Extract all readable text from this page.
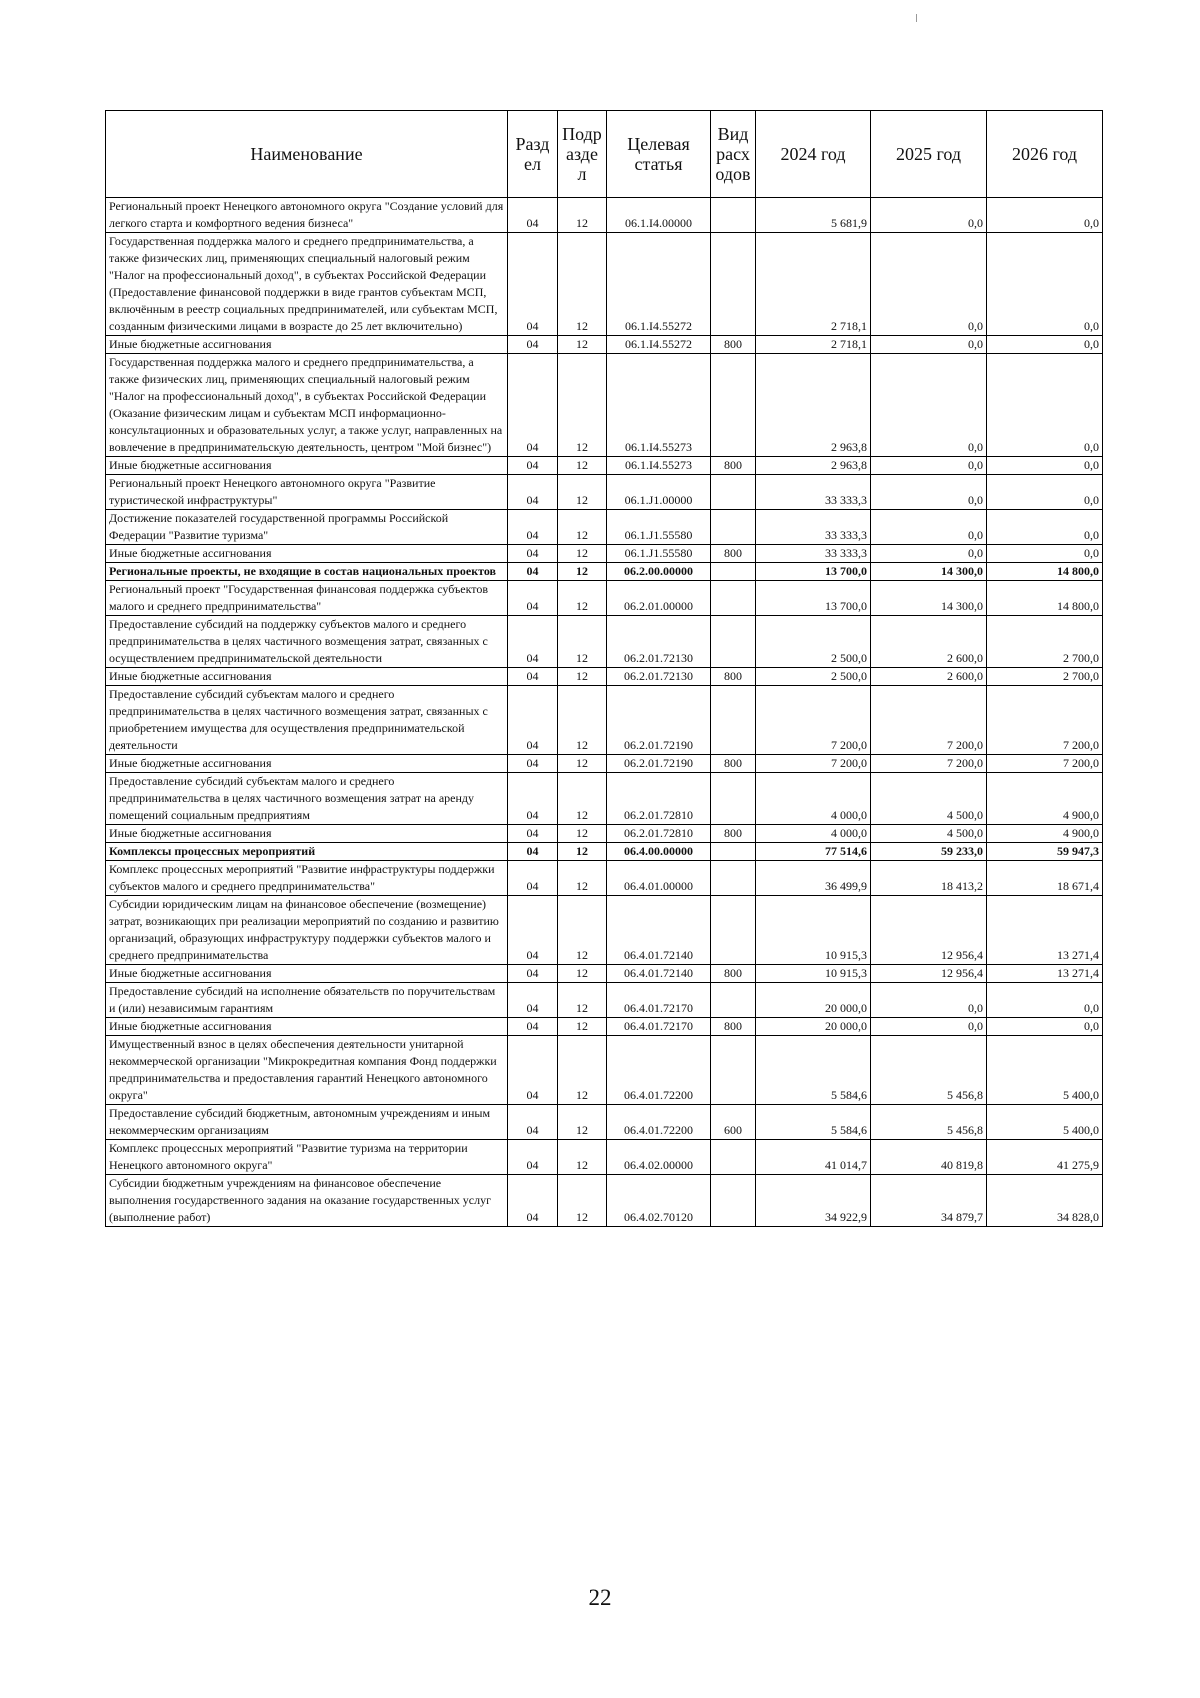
Наименование	Разд ел	Подр азде л	Целевая статья	Вид расх одов	2024 год	2025 год	2026 год
Региональный проект Ненецкого автономного округа "Создание условий для легкого старта и комфортного ведения бизнеса"	04	12	06.1.I4.00000		5 681,9	0,0	0,0
Государственная поддержка малого и среднего предпринимательства, а также физических лиц, применяющих специальный налоговый режим "Налог на профессиональный доход", в субъектах Российской Федерации (Предоставление финансовой поддержки в виде грантов субъектам МСП, включённым в реестр социальных предпринимателей, или субъектам МСП, созданным физическими лицами в возрасте до 25 лет включительно)	04	12	06.1.I4.55272		2 718,1	0,0	0,0
Иные бюджетные ассигнования	04	12	06.1.I4.55272	800	2 718,1	0,0	0,0
Государственная поддержка малого и среднего предпринимательства, а также физических лиц, применяющих специальный налоговый режим "Налог на профессиональный доход", в субъектах Российской Федерации (Оказание физическим лицам и субъектам МСП информационно-консультационных и образовательных услуг, а также услуг, направленных на вовлечение в предпринимательскую деятельность, центром "Мой бизнес")	04	12	06.1.I4.55273		2 963,8	0,0	0,0
Иные бюджетные ассигнования	04	12	06.1.I4.55273	800	2 963,8	0,0	0,0
Региональный проект Ненецкого автономного округа "Развитие туристической инфраструктуры"	04	12	06.1.J1.00000		33 333,3	0,0	0,0
Достижение показателей государственной программы Российской Федерации "Развитие туризма"	04	12	06.1.J1.55580		33 333,3	0,0	0,0
Иные бюджетные ассигнования	04	12	06.1.J1.55580	800	33 333,3	0,0	0,0
Региональные проекты, не входящие в состав национальных проектов	04	12	06.2.00.00000		13 700,0	14 300,0	14 800,0
Региональный проект "Государственная финансовая поддержка субъектов малого и среднего предпринимательства"	04	12	06.2.01.00000		13 700,0	14 300,0	14 800,0
Предоставление субсидий на поддержку субъектов малого и среднего предпринимательства в целях частичного возмещения затрат, связанных с осуществлением предпринимательской деятельности	04	12	06.2.01.72130		2 500,0	2 600,0	2 700,0
Иные бюджетные ассигнования	04	12	06.2.01.72130	800	2 500,0	2 600,0	2 700,0
Предоставление субсидий субъектам малого и среднего предпринимательства в целях частичного возмещения затрат, связанных с приобретением имущества для осуществления предпринимательской деятельности	04	12	06.2.01.72190		7 200,0	7 200,0	7 200,0
Иные бюджетные ассигнования	04	12	06.2.01.72190	800	7 200,0	7 200,0	7 200,0
Предоставление субсидий субъектам малого и среднего предпринимательства в целях частичного возмещения затрат на аренду помещений социальным предприятиям	04	12	06.2.01.72810		4 000,0	4 500,0	4 900,0
Иные бюджетные ассигнования	04	12	06.2.01.72810	800	4 000,0	4 500,0	4 900,0
Комплексы процессных мероприятий	04	12	06.4.00.00000		77 514,6	59 233,0	59 947,3
Комплекс процессных мероприятий "Развитие инфраструктуры поддержки субъектов малого и среднего предпринимательства"	04	12	06.4.01.00000		36 499,9	18 413,2	18 671,4
Субсидии юридическим лицам на финансовое обеспечение (возмещение) затрат, возникающих при реализации мероприятий по созданию и развитию организаций, образующих инфраструктуру поддержки субъектов малого и среднего предпринимательства	04	12	06.4.01.72140		10 915,3	12 956,4	13 271,4
Иные бюджетные ассигнования	04	12	06.4.01.72140	800	10 915,3	12 956,4	13 271,4
Предоставление субсидий на исполнение обязательств по поручительствам и (или) независимым гарантиям	04	12	06.4.01.72170		20 000,0	0,0	0,0
Иные бюджетные ассигнования	04	12	06.4.01.72170	800	20 000,0	0,0	0,0
Имущественный взнос в целях обеспечения деятельности унитарной некоммерческой организации "Микрокредитная компания Фонд поддержки предпринимательства и предоставления гарантий Ненецкого автономного округа"	04	12	06.4.01.72200		5 584,6	5 456,8	5 400,0
Предоставление субсидий бюджетным, автономным учреждениям и иным некоммерческим организациям	04	12	06.4.01.72200	600	5 584,6	5 456,8	5 400,0
Комплекс процессных мероприятий "Развитие туризма на территории Ненецкого автономного округа"	04	12	06.4.02.00000		41 014,7	40 819,8	41 275,9
Субсидии бюджетным учреждениям на финансовое обеспечение выполнения государственного задания на оказание государственных услуг (выполнение работ)	04	12	06.4.02.70120		34 922,9	34 879,7	34 828,0
22
